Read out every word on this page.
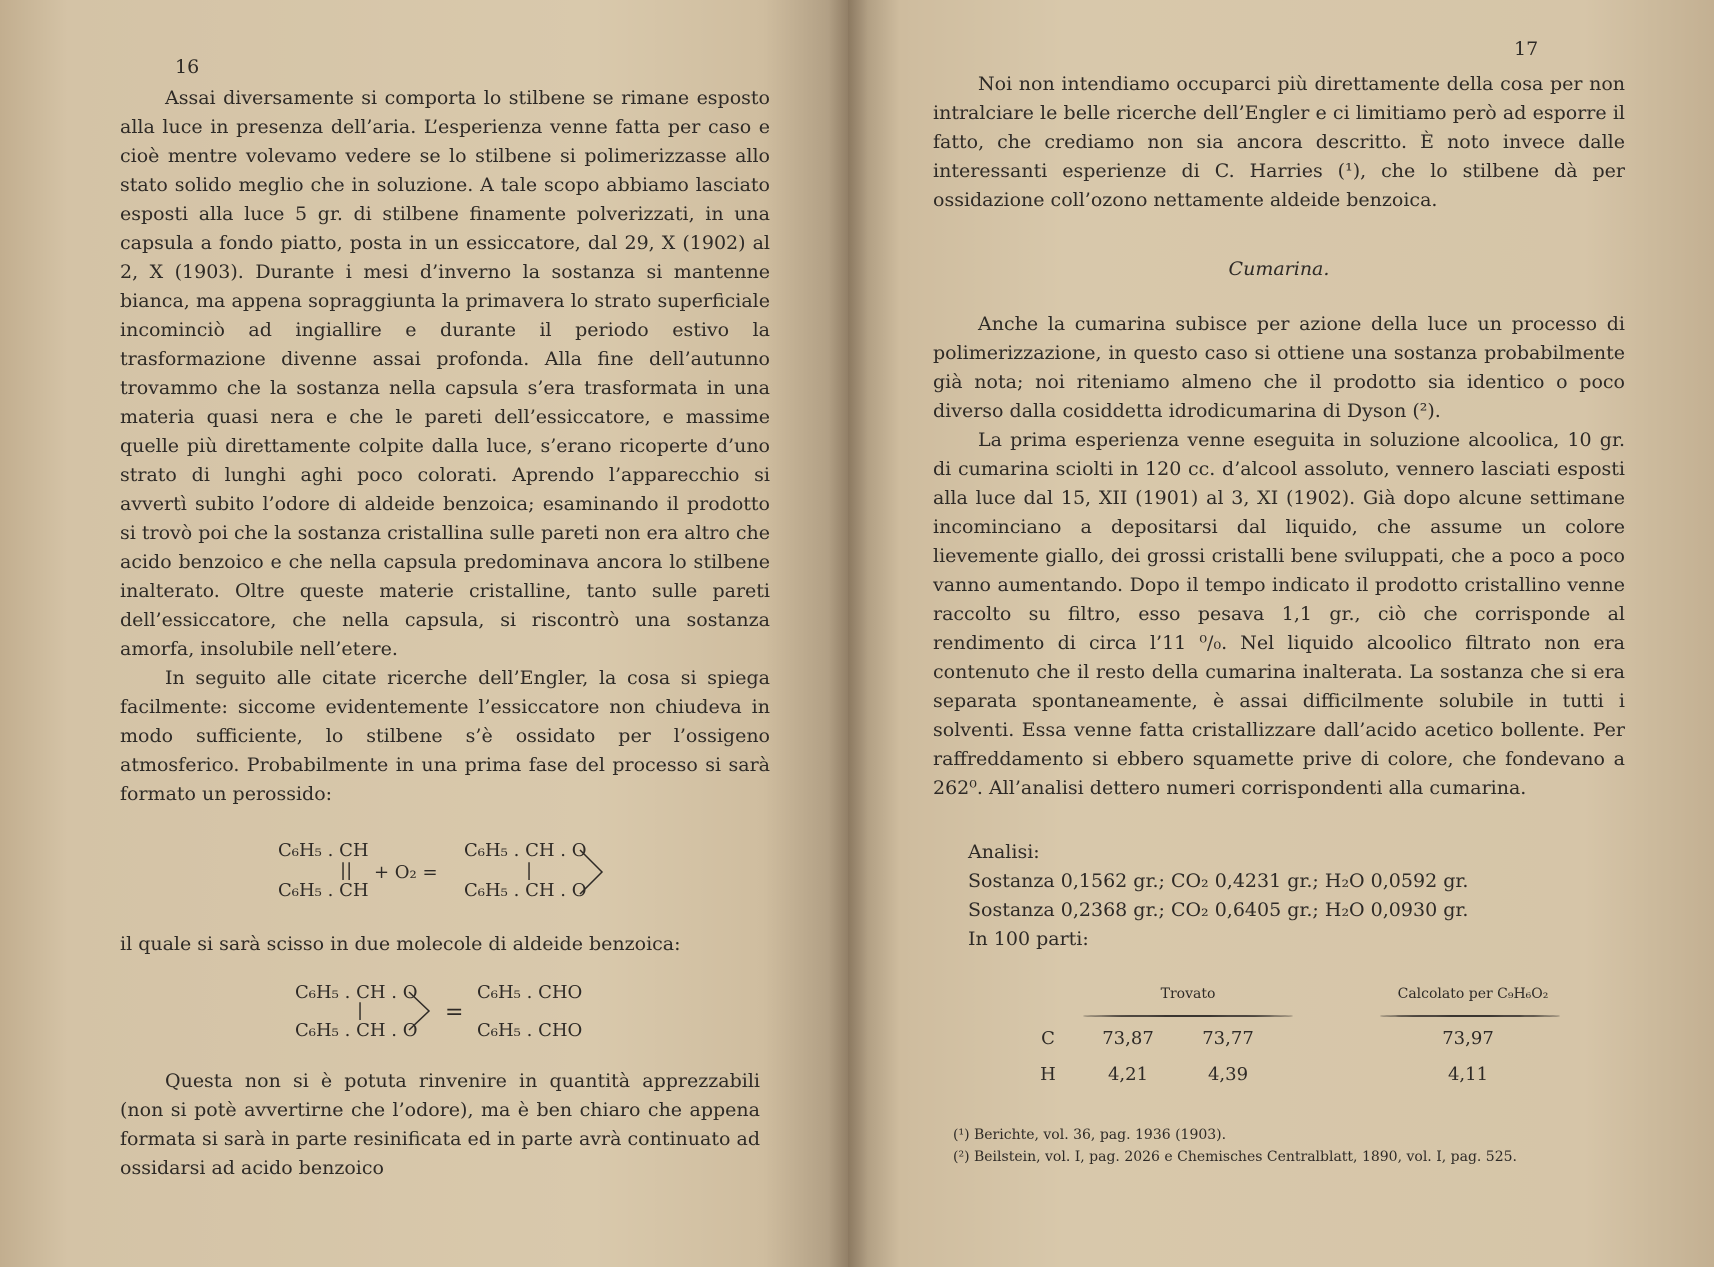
16

Assai diversamente si comporta lo stilbene se rimane esposto alla luce in presenza dell’aria. L’esperienza venne fatta per caso e cioè mentre volevamo vedere se lo stilbene si polimerizzasse allo stato solido meglio che in soluzione. A tale scopo abbiamo lasciato esposti alla luce 5 gr. di stilbene finamente polverizzati, in una capsula a fondo piatto, posta in un essiccatore, dal 29, X (1902) al 2, X (1903). Durante i mesi d’inverno la sostanza si mantenne bianca, ma appena sopraggiunta la primavera lo strato superficiale incominciò ad ingiallire e durante il periodo estivo la trasformazione divenne assai profonda. Alla fine dell’autunno trovammo che la sostanza nella capsula s’era trasformata in una materia quasi nera e che le pareti dell’essiccatore, e massime quelle più direttamente colpite dalla luce, s’erano ricoperte d’uno strato di lunghi aghi poco colorati. Aprendo l’apparecchio si avvertì subito l’odore di aldeide benzoica; esaminando il prodotto si trovò poi che la sostanza cristallina sulle pareti non era altro che acido benzoico e che nella capsula predominava ancora lo stilbene inalterato. Oltre queste materie cristalline, tanto sulle pareti dell’essiccatore, che nella capsula, si riscontrò una sostanza amorfa, insolubile nell’etere.

In seguito alle citate ricerche dell’Engler, la cosa si spiega facilmente: siccome evidentemente l’essiccatore non chiudeva in modo sufficiente, lo stilbene s’è ossidato per l’ossigeno atmosferico. Probabilmente in una prima fase del processo si sarà formato un perossido:

C₆H₅ . CH
||
C₆H₅ . CH
+ O₂ =
C₆H₅ . CH . O
|
C₆H₅ . CH . O

il quale si sarà scisso in due molecole di aldeide benzoica:

C₆H₅ . CH . O
|
C₆H₅ . CH . O
=
C₆H₅ . CHO
C₆H₅ . CHO

Questa non si è potuta rinvenire in quantità apprezzabili (non si potè avvertirne che l’odore), ma è ben chiaro che appena formata si sarà in parte resinificata ed in parte avrà continuato ad ossidarsi ad acido benzoico

17

Noi non intendiamo occuparci più direttamente della cosa per non intralciare le belle ricerche dell’Engler e ci limitiamo però ad esporre il fatto, che crediamo non sia ancora descritto. È noto invece dalle interessanti esperienze di C. Harries (¹), che lo stilbene dà per ossidazione coll’ozono nettamente aldeide benzoica.

Cumarina.

Anche la cumarina subisce per azione della luce un processo di polimerizzazione, in questo caso si ottiene una sostanza probabilmente già nota; noi riteniamo almeno che il prodotto sia identico o poco diverso dalla cosiddetta idrodicumarina di Dyson (²).

La prima esperienza venne eseguita in soluzione alcoolica, 10 gr. di cumarina sciolti in 120 cc. d’alcool assoluto, vennero lasciati esposti alla luce dal 15, XII (1901) al 3, XI (1902). Già dopo alcune settimane incominciano a depositarsi dal liquido, che assume un colore lievemente giallo, dei grossi cristalli bene sviluppati, che a poco a poco vanno aumentando. Dopo il tempo indicato il prodotto cristallino venne raccolto su filtro, esso pesava 1,1 gr., ciò che corrisponde al rendimento di circa l’11 ⁰/₀. Nel liquido alcoolico filtrato non era contenuto che il resto della cumarina inalterata. La sostanza che si era separata spontaneamente, è assai difficilmente solubile in tutti i solventi. Essa venne fatta cristallizzare dall’acido acetico bollente. Per raffreddamento si ebbero squamette prive di colore, che fondevano a 262⁰. All’analisi dettero numeri corrispondenti alla cumarina.

Analisi:
Sostanza 0,1562 gr.; CO₂ 0,4231 gr.; H₂O 0,0592 gr.
Sostanza 0,2368 gr.; CO₂ 0,6405 gr.; H₂O 0,0930 gr.
In 100 parti:
Trovato	Calcolato per C₉H₆O₂
C	73,87	73,77	73,97
H	4,21	4,39	4,11
(¹) Berichte, vol. 36, pag. 1936 (1903).
(²) Beilstein, vol. I, pag. 2026 e Chemisches Centralblatt, 1890, vol. I, pag. 525.
